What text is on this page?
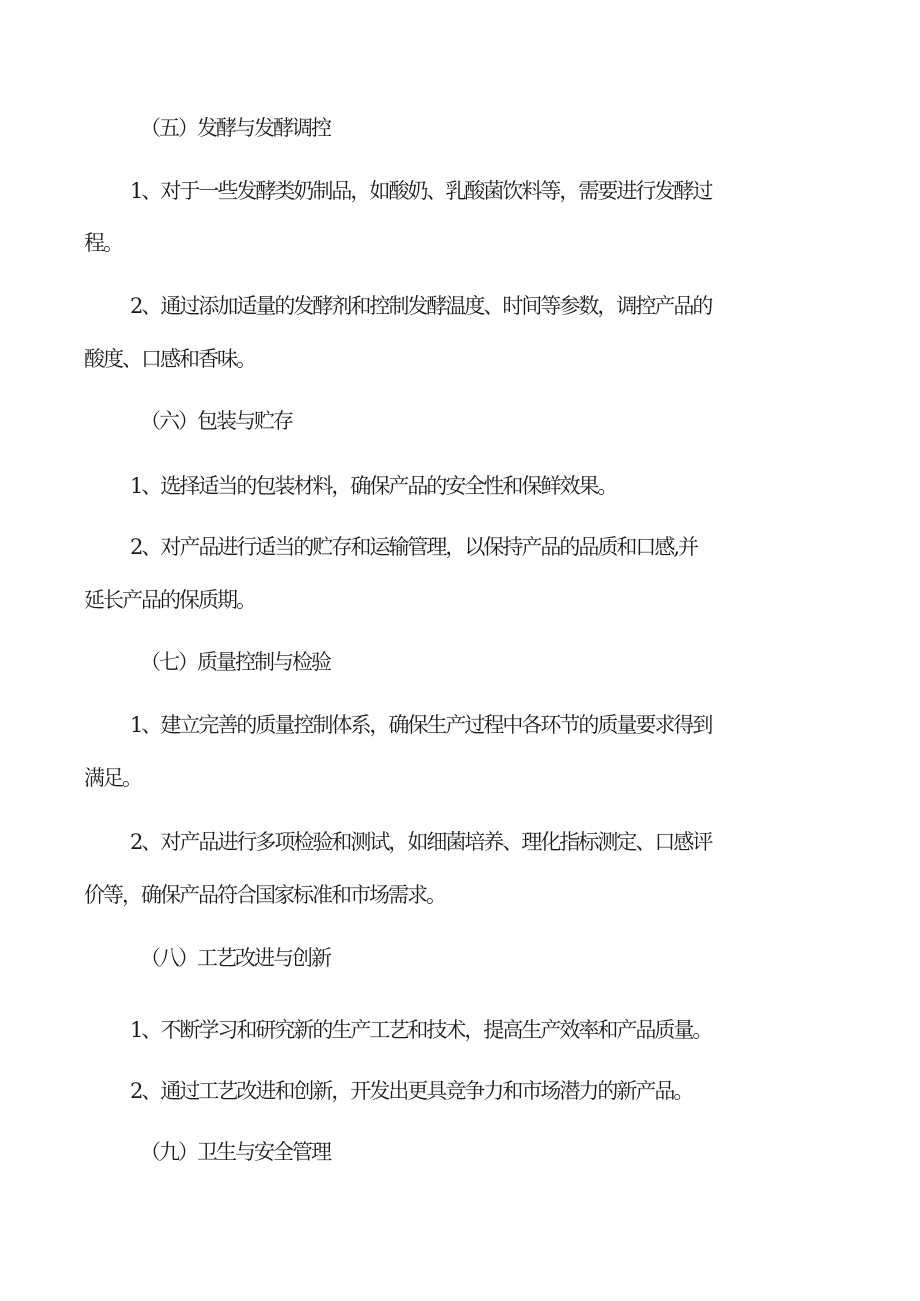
（五）发酵与发酵调控
1、对于一些发酵类奶制品，如酸奶、乳酸菌饮料等，需要进行发酵过
程。
2、通过添加适量的发酵剂和控制发酵温度、时间等参数，调控产品的
酸度、口感和香味。
（六）包装与贮存
1、选择适当的包装材料，确保产品的安全性和保鲜效果。
2、对产品进行适当的贮存和运输管理，以保持产品的品质和口感,并
延长产品的保质期。
（七）质量控制与检验
1、建立完善的质量控制体系，确保生产过程中各环节的质量要求得到
满足。
2、对产品进行多项检验和测试，如细菌培养、理化指标测定、口感评
价等，确保产品符合国家标准和市场需求。
（八）工艺改进与创新
1、不断学习和研究新的生产工艺和技术，提高生产效率和产品质量。
2、通过工艺改进和创新，开发出更具竞争力和市场潜力的新产品。
（九）卫生与安全管理
